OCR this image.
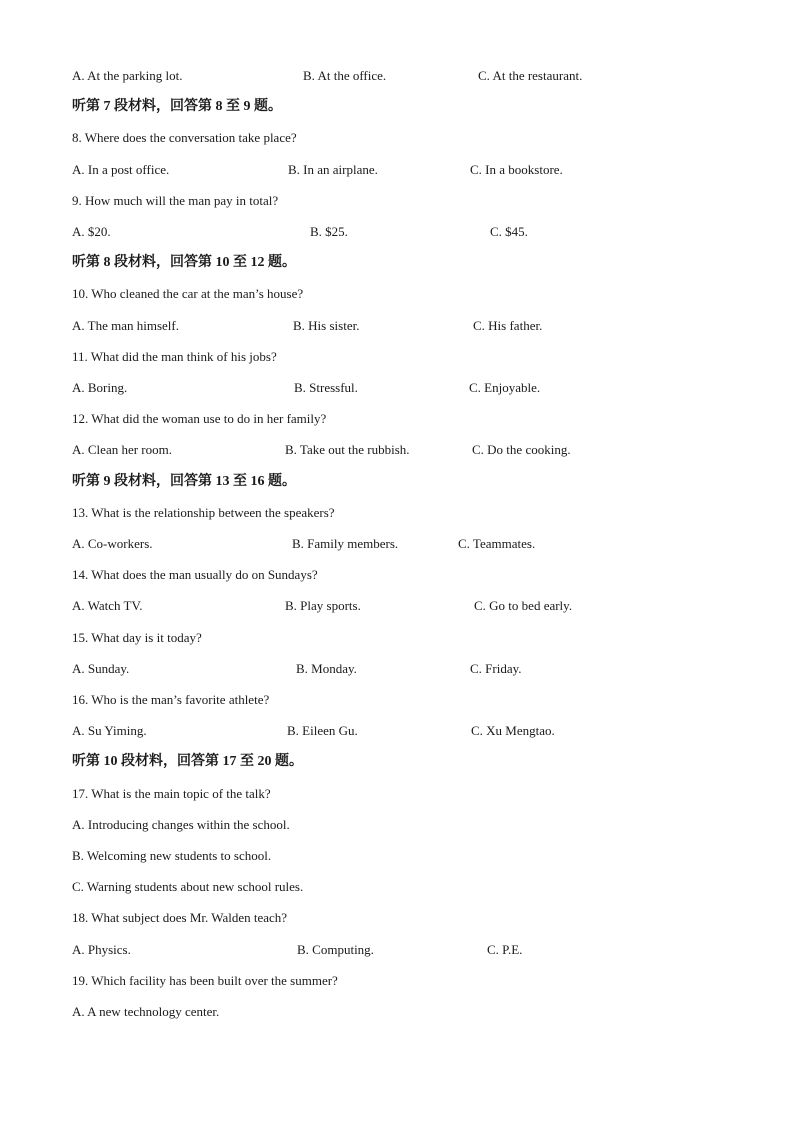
A. At the parking lot.	B. At the office.	C. At the restaurant.
听第 7 段材料，回答第 8 至 9 题。
8. Where does the conversation take place?
A. In a post office.	B. In an airplane.	C. In a bookstore.
9. How much will the man pay in total?
A. $20.	B. $25.	C. $45.
听第 8 段材料，回答第 10 至 12 题。
10. Who cleaned the car at the man’s house?
A. The man himself.	B. His sister.	C. His father.
11. What did the man think of his jobs?
A. Boring.	B. Stressful.	C. Enjoyable.
12. What did the woman use to do in her family?
A. Clean her room.	B. Take out the rubbish.	C. Do the cooking.
听第 9 段材料，回答第 13 至 16 题。
13. What is the relationship between the speakers?
A. Co-workers.	B. Family members.	C. Teammates.
14. What does the man usually do on Sundays?
A. Watch TV.	B. Play sports.	C. Go to bed early.
15. What day is it today?
A. Sunday.	B. Monday.	C. Friday.
16. Who is the man’s favorite athlete?
A. Su Yiming.	B. Eileen Gu.	C. Xu Mengtao.
听第 10 段材料，回答第 17 至 20 题。
17. What is the main topic of the talk?
A. Introducing changes within the school.
B. Welcoming new students to school.
C. Warning students about new school rules.
18. What subject does Mr. Walden teach?
A. Physics.	B. Computing.	C. P.E.
19. Which facility has been built over the summer?
A. A new technology center.
